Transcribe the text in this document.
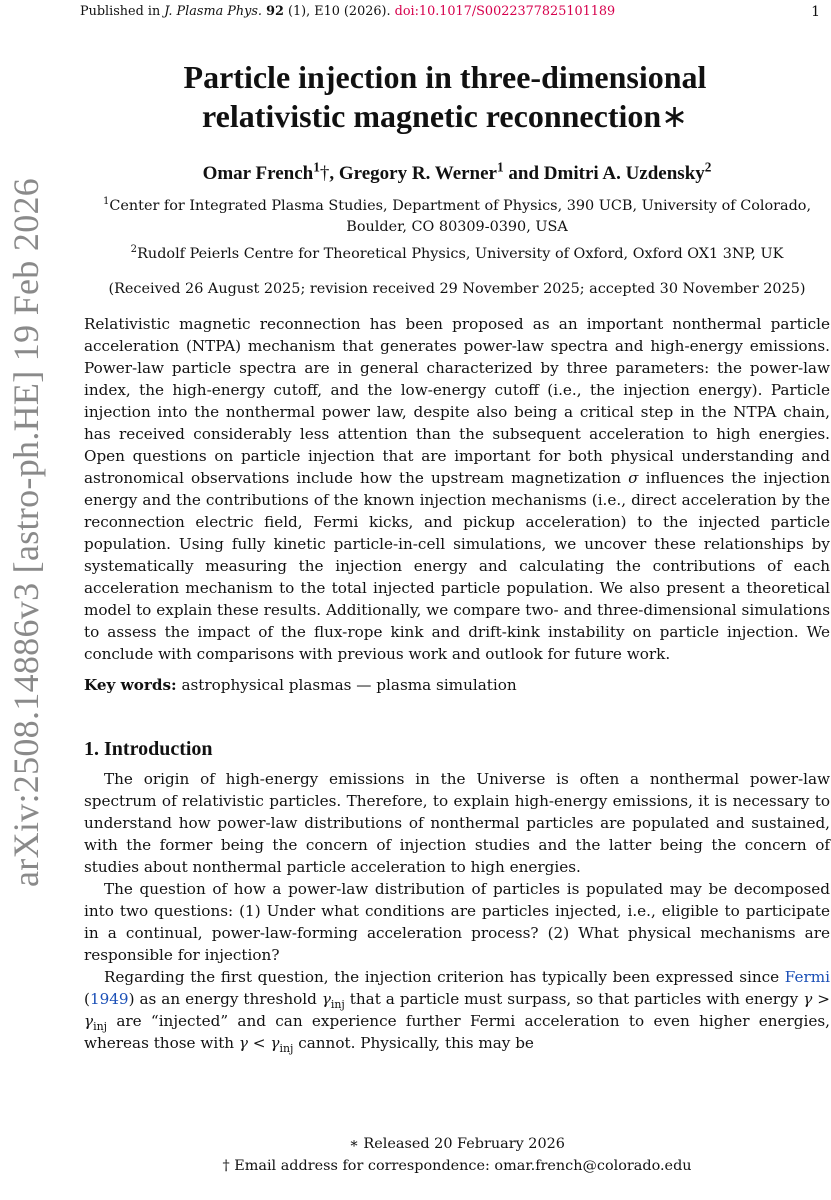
Published in J. Plasma Phys. 92 (1), E10 (2026). doi:10.1017/S0022377825101189	1
arXiv:2508.14886v3 [astro-ph.HE] 19 Feb 2026
Particle injection in three-dimensional
relativistic magnetic reconnection∗
Omar French$^1$†, Gregory R. Werner$^1$ and Dmitri A. Uzdensky$^2$
$^1$Center for Integrated Plasma Studies, Department of Physics, 390 UCB, University of Colorado, Boulder, CO 80309-0390, USA
$^2$Rudolf Peierls Centre for Theoretical Physics, University of Oxford, Oxford OX1 3NP, UK
(Received 26 August 2025; revision received 29 November 2025; accepted 30 November 2025)
Relativistic magnetic reconnection has been proposed as an important nonthermal particle acceleration (NTPA) mechanism that generates power-law spectra and high-energy emissions. Power-law particle spectra are in general characterized by three parameters: the power-law index, the high-energy cutoff, and the low-energy cutoff (i.e., the injection energy). Particle injection into the nonthermal power law, despite also being a critical step in the NTPA chain, has received considerably less attention than the subsequent acceleration to high energies. Open questions on particle injection that are important for both physical understanding and astronomical observations include how the upstream magnetization σ influences the injection energy and the contributions of the known injection mechanisms (i.e., direct acceleration by the reconnection electric field, Fermi kicks, and pickup acceleration) to the injected particle population. Using fully kinetic particle-in-cell simulations, we uncover these relationships by systematically measuring the injection energy and calculating the contributions of each acceleration mechanism to the total injected particle population. We also present a theoretical model to explain these results. Additionally, we compare two- and three-dimensional simulations to assess the impact of the flux-rope kink and drift-kink instability on particle injection. We conclude with comparisons with previous work and outlook for future work.
Key words: astrophysical plasmas — plasma simulation
1. Introduction

The origin of high-energy emissions in the Universe is often a nonthermal power-law spectrum of relativistic particles. Therefore, to explain high-energy emissions, it is necessary to understand how power-law distributions of nonthermal particles are populated and sustained, with the former being the concern of injection studies and the latter being the concern of studies about nonthermal particle acceleration to high energies.

The question of how a power-law distribution of particles is populated may be decomposed into two questions: (1) Under what conditions are particles injected, i.e., eligible to participate in a continual, power-law-forming acceleration process? (2) What physical mechanisms are responsible for injection?

Regarding the first question, the injection criterion has typically been expressed since Fermi (1949) as an energy threshold $\gamma_{inj}$ that a particle must surpass, so that particles with energy $\gamma > \gamma_{inj}$ are “injected” and can experience further Fermi acceleration to even higher energies, whereas those with $\gamma < \gamma_{inj}$ cannot. Physically, this may be

∗ Released 20 February 2026
† Email address for correspondence: omar.french@colorado.edu
